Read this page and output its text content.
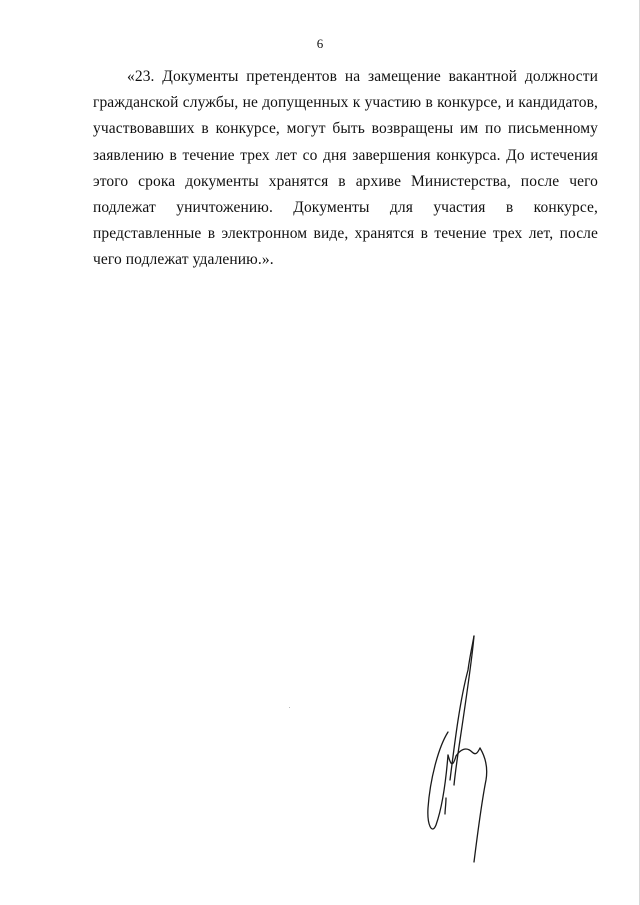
6

«23. Документы претендентов на замещение вакантной должности гражданской службы, не допущенных к участию в конкурсе, и кандидатов, участвовавших в конкурсе, могут быть возвращены им по письменному заявлению в течение трех лет со дня завершения конкурса. До истечения этого срока документы хранятся в архиве Министерства, после чего подлежат уничтожению. Документы для участия в конкурсе, представленные в электронном виде, хранятся в течение трех лет, после чего подлежат удалению.».
